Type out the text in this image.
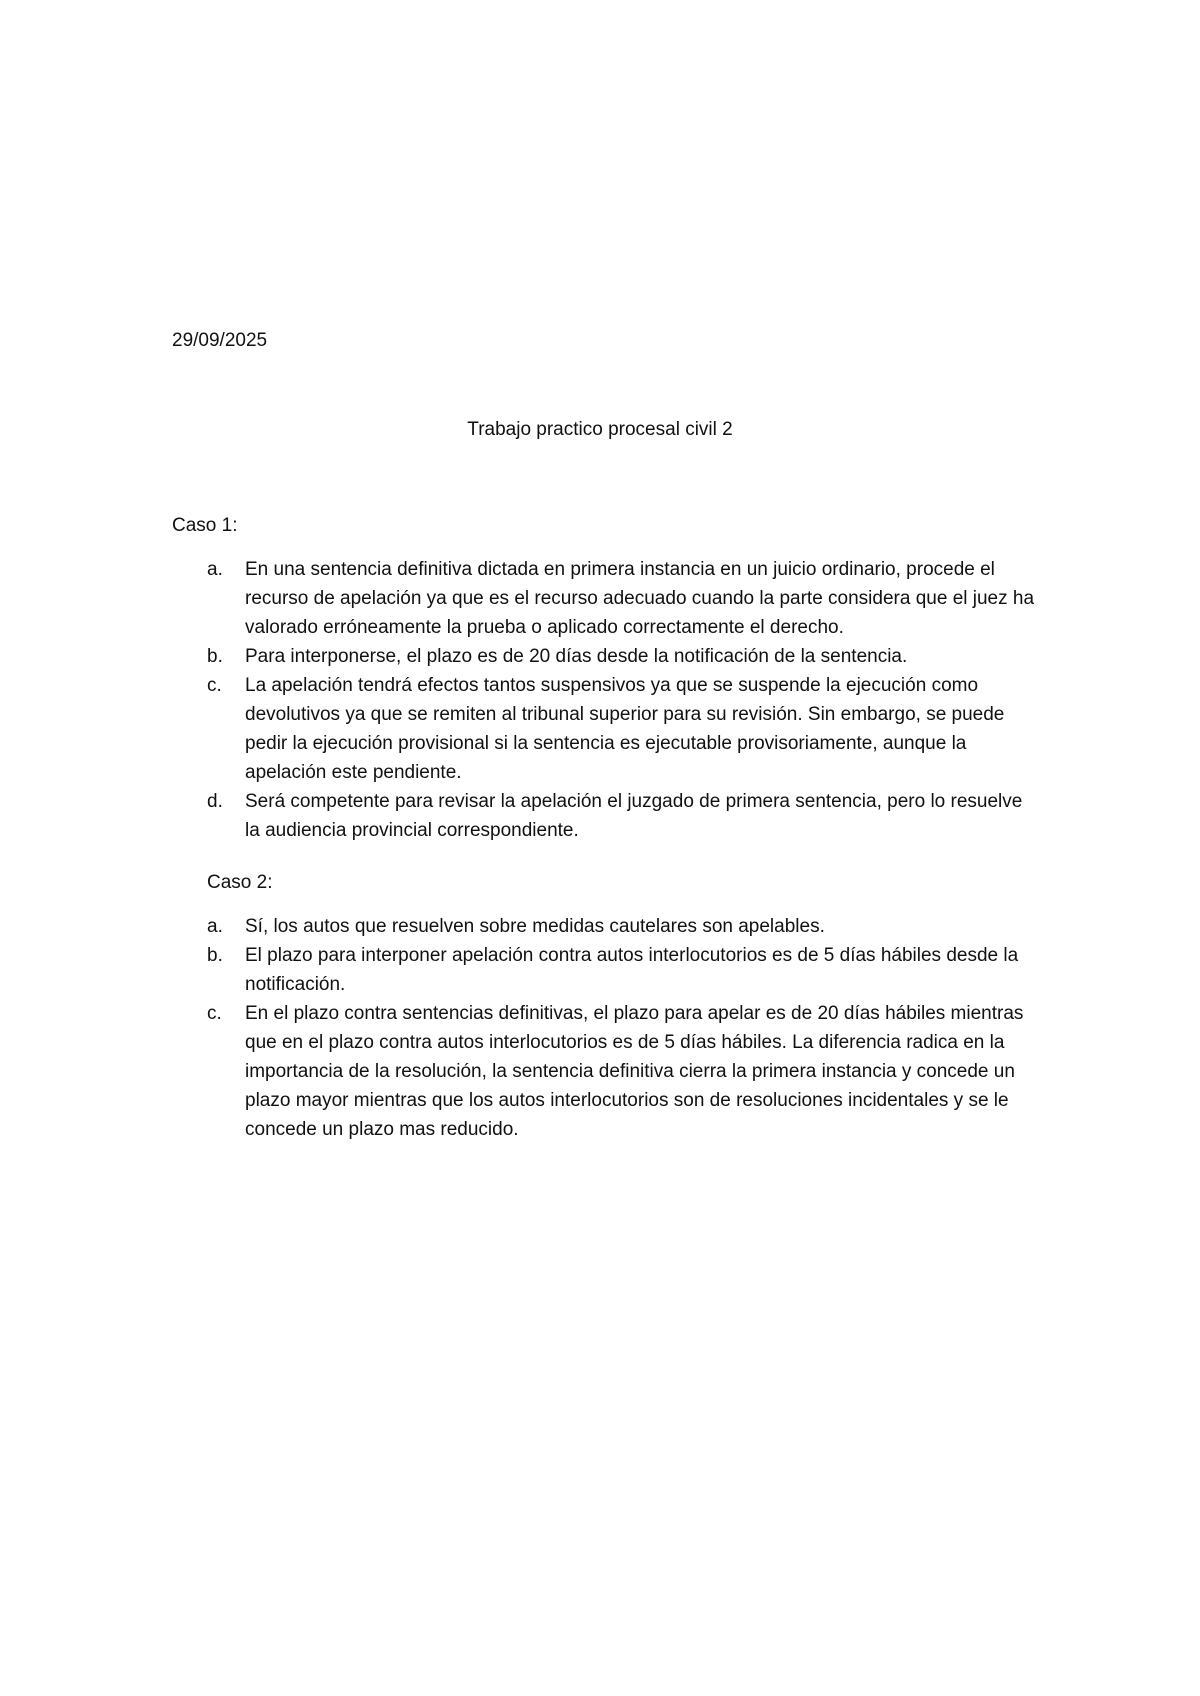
29/09/2025

Trabajo practico procesal civil 2
Caso 1:
a. En una sentencia definitiva dictada en primera instancia en un juicio ordinario, procede el recurso de apelación ya que es el recurso adecuado cuando la parte considera que el juez ha valorado erróneamente la prueba o aplicado correctamente el derecho.
b. Para interponerse, el plazo es de 20 días desde la notificación de la sentencia.
c. La apelación tendrá efectos tantos suspensivos ya que se suspende la ejecución como devolutivos ya que se remiten al tribunal superior para su revisión. Sin embargo, se puede pedir la ejecución provisional si la sentencia es ejecutable provisoriamente, aunque la apelación este pendiente.
d. Será competente para revisar la apelación el juzgado de primera sentencia, pero lo resuelve la audiencia provincial correspondiente.
Caso 2:
a. Sí, los autos que resuelven sobre medidas cautelares son apelables.
b. El plazo para interponer apelación contra autos interlocutorios es de 5 días hábiles desde la notificación.
c. En el plazo contra sentencias definitivas, el plazo para apelar es de 20 días hábiles mientras que en el plazo contra autos interlocutorios es de 5 días hábiles. La diferencia radica en la importancia de la resolución, la sentencia definitiva cierra la primera instancia y concede un plazo mayor mientras que los autos interlocutorios son de resoluciones incidentales y se le concede un plazo mas reducido.
